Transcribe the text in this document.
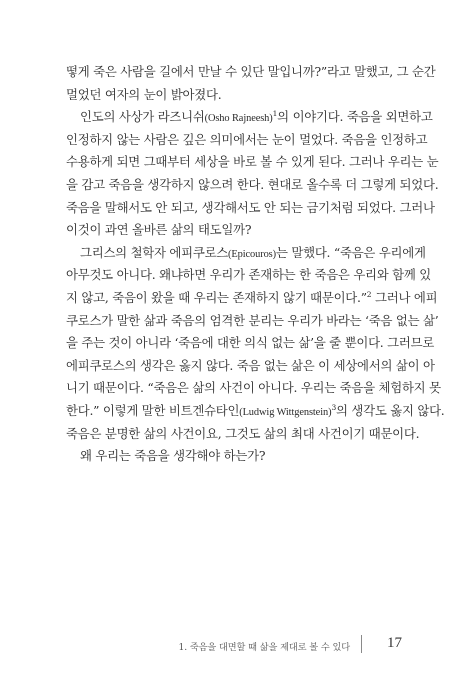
떻게 죽은 사람을 길에서 만날 수 있단 말입니까?”라고 말했고, 그 순간
멀었던 여자의 눈이 밝아졌다.
인도의 사상가 라즈니쉬(Osho Rajneesh)$^1$의 이야기다. 죽음을 외면하고
인정하지 않는 사람은 깊은 의미에서는 눈이 멀었다. 죽음을 인정하고
수용하게 되면 그때부터 세상을 바로 볼 수 있게 된다. 그러나 우리는 눈
을 감고 죽음을 생각하지 않으려 한다. 현대로 올수록 더 그렇게 되었다.
죽음을 말해서도 안 되고, 생각해서도 안 되는 금기처럼 되었다. 그러나
이것이 과연 올바른 삶의 태도일까?
그리스의 철학자 에피쿠로스(Epicouros)는 말했다. “죽음은 우리에게
아무것도 아니다. 왜냐하면 우리가 존재하는 한 죽음은 우리와 함께 있
지 않고, 죽음이 왔을 때 우리는 존재하지 않기 때문이다.”$^2$ 그러나 에피
쿠로스가 말한 삶과 죽음의 엄격한 분리는 우리가 바라는 ‘죽음 없는 삶’
을 주는 것이 아니라 ‘죽음에 대한 의식 없는 삶’을 줄 뿐이다. 그러므로
에피쿠로스의 생각은 옳지 않다. 죽음 없는 삶은 이 세상에서의 삶이 아
니기 때문이다. “죽음은 삶의 사건이 아니다. 우리는 죽음을 체험하지 못
한다.” 이렇게 말한 비트겐슈타인(Ludwig Wittgenstein)$^3$의 생각도 옳지 않다.
죽음은 분명한 삶의 사건이요, 그것도 삶의 최대 사건이기 때문이다.
왜 우리는 죽음을 생각해야 하는가?
1. 죽음을 대면할 때 삶을 제대로 볼 수 있다 17
